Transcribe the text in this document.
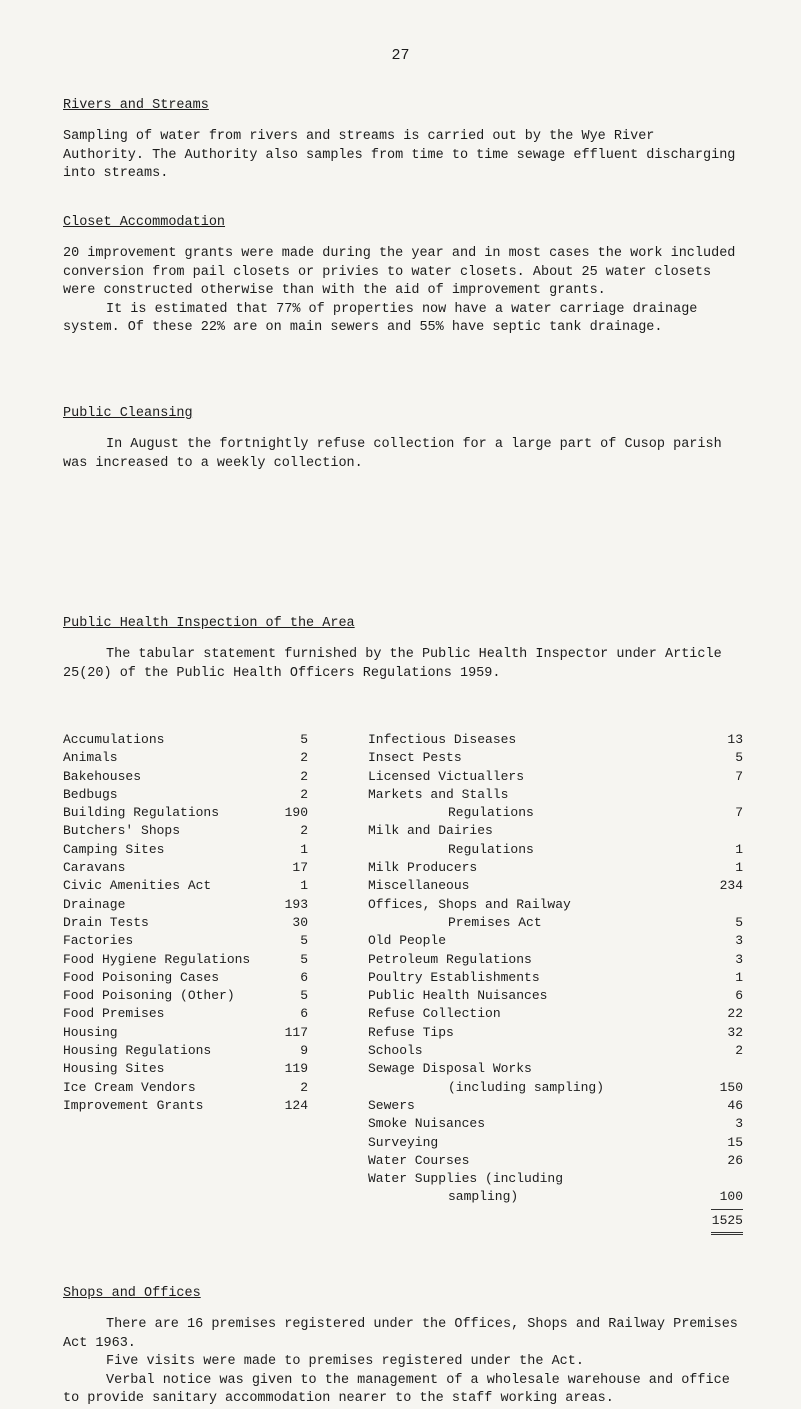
27

Rivers and Streams

Sampling of water from rivers and streams is carried out by the Wye River Authority. The Authority also samples from time to time sewage effluent discharging into streams.

Closet Accommodation

20 improvement grants were made during the year and in most cases the work included conversion from pail closets or privies to water closets. About 25 water closets were constructed otherwise than with the aid of improvement grants.

It is estimated that 77% of properties now have a water carriage drainage system. Of these 22% are on main sewers and 55% have septic tank drainage.

Public Cleansing

In August the fortnightly refuse collection for a large part of Cusop parish was increased to a weekly collection.

Public Health Inspection of the Area

The tabular statement furnished by the Public Health Inspector under Article 25(20) of the Public Health Officers Regulations 1959.

Accumulations	5
Animals	2
Bakehouses	2
Bedbugs	2
Building Regulations	190
Butchers' Shops	2
Camping Sites	1
Caravans	17
Civic Amenities Act	1
Drainage	193
Drain Tests	30
Factories	5
Food Hygiene Regulations	5
Food Poisoning Cases	6
Food Poisoning (Other)	5
Food Premises	6
Housing	117
Housing Regulations	9
Housing Sites	119
Ice Cream Vendors	2
Improvement Grants	124
Infectious Diseases	13
Insect Pests	5
Licensed Victuallers	7
Markets and Stalls
Regulations	7
Milk and Dairies
Regulations	1
Milk Producers	1
Miscellaneous	234
Offices, Shops and Railway
Premises Act	5
Old People	3
Petroleum Regulations	3
Poultry Establishments	1
Public Health Nuisances	6
Refuse Collection	22
Refuse Tips	32
Schools	2
Sewage Disposal Works
(including sampling)	150
Sewers	46
Smoke Nuisances	3
Surveying	15
Water Courses	26
Water Supplies (including
sampling)	100
1525

Shops and Offices

There are 16 premises registered under the Offices, Shops and Railway Premises Act 1963.

Five visits were made to premises registered under the Act.

Verbal notice was given to the management of a wholesale warehouse and office to provide sanitary accommodation nearer to the staff working areas.
